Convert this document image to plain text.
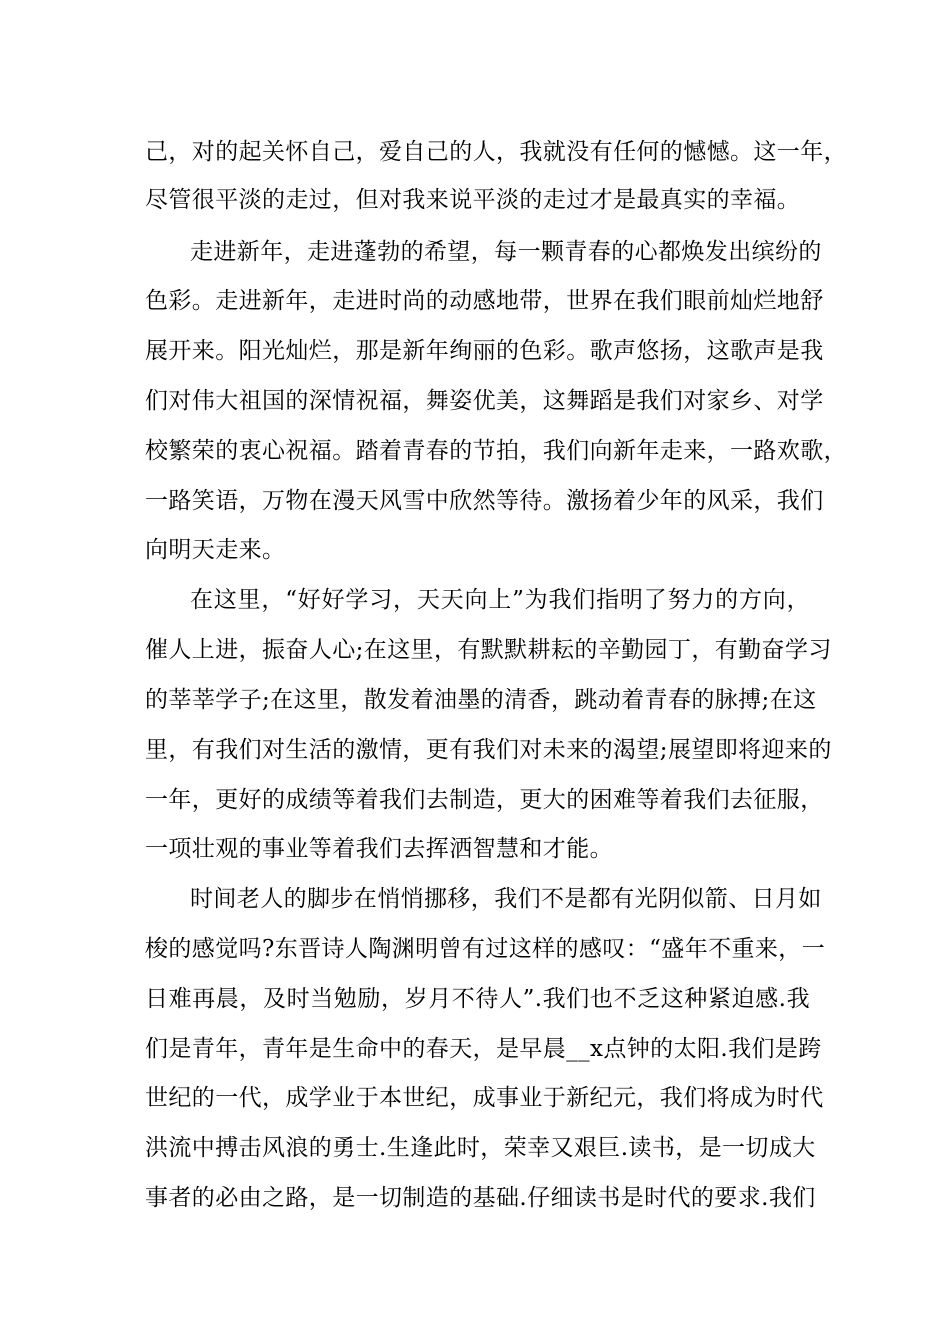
己，对的起关怀自己，爱自己的人，我就没有任何的憾憾。这一年，
尽管很平淡的走过，但对我来说平淡的走过才是最真实的幸福。
走进新年，走进蓬勃的希望，每一颗青春的心都焕发出缤纷的
色彩。走进新年，走进时尚的动感地带，世界在我们眼前灿烂地舒
展开来。阳光灿烂，那是新年绚丽的色彩。歌声悠扬，这歌声是我
们对伟大祖国的深情祝福，舞姿优美，这舞蹈是我们对家乡、对学
校繁荣的衷心祝福。踏着青春的节拍，我们向新年走来，一路欢歌，
一路笑语，万物在漫天风雪中欣然等待。激扬着少年的风采，我们
向明天走来。
在这里，“好好学习，天天向上”为我们指明了努力的方向，
催人上进，振奋人心;在这里，有默默耕耘的辛勤园丁，有勤奋学习
的莘莘学子;在这里，散发着油墨的清香，跳动着青春的脉搏;在这
里，有我们对生活的激情，更有我们对未来的渴望;展望即将迎来的
一年，更好的成绩等着我们去制造，更大的困难等着我们去征服，
一项壮观的事业等着我们去挥洒智慧和才能。
时间老人的脚步在悄悄挪移，我们不是都有光阴似箭、日月如
梭的感觉吗?东晋诗人陶渊明曾有过这样的感叹：“盛年不重来，一
日难再晨，及时当勉励，岁月不待人”.我们也不乏这种紧迫感.我
们是青年，青年是生命中的春天，是早晨__x点钟的太阳.我们是跨
世纪的一代，成学业于本世纪，成事业于新纪元，我们将成为时代
洪流中搏击风浪的勇士.生逢此时，荣幸又艰巨.读书，是一切成大
事者的必由之路，是一切制造的基础.仔细读书是时代的要求.我们
